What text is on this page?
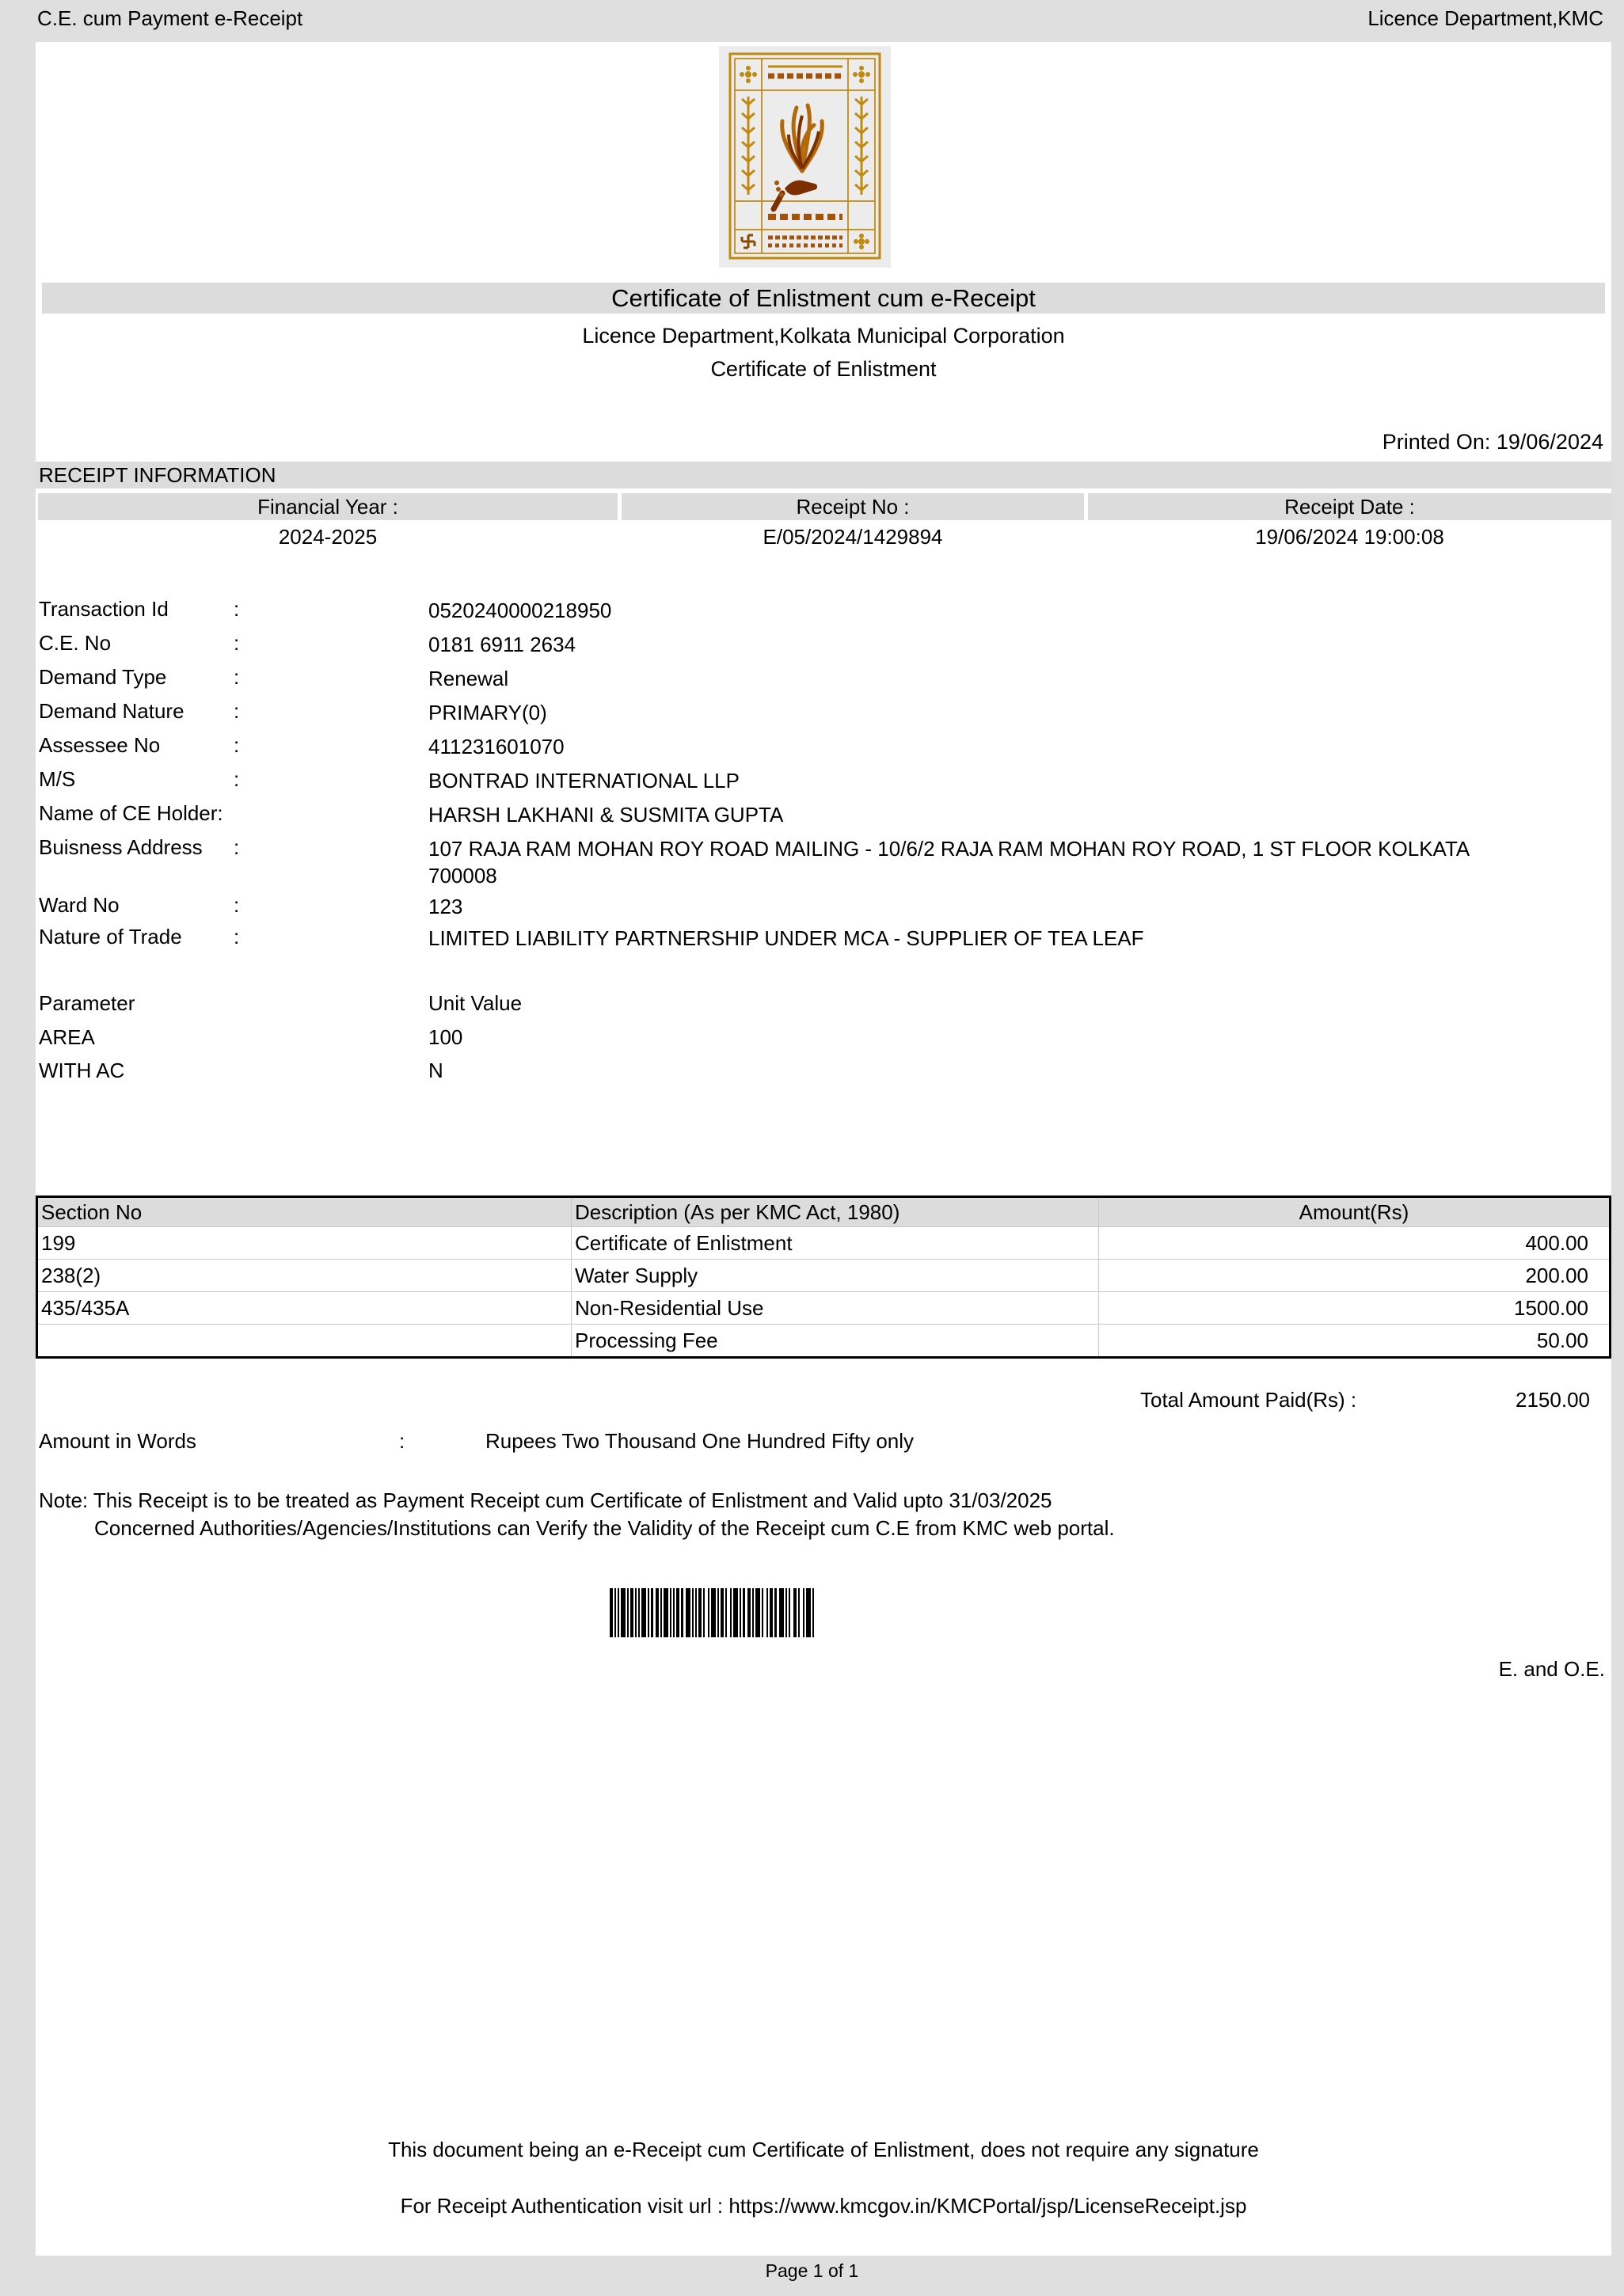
C.E. cum Payment e-Receipt	Licence Department,KMC
Certificate of Enlistment cum e-Receipt
Licence Department,Kolkata Municipal Corporation
Certificate of Enlistment
Printed On: 19/06/2024
RECEIPT INFORMATION
Financial Year :	Receipt No :	Receipt Date :
2024-2025	E/05/2024/1429894	19/06/2024 19:00:08
Transaction Id	:	0520240000218950
C.E. No	:	0181 6911 2634
Demand Type	:	Renewal
Demand Nature :	PRIMARY(0)
Assessee No	:	411231601070
M/S	:	BONTRAD INTERNATIONAL LLP
Name of CE Holder:	HARSH LAKHANI & SUSMITA GUPTA
Buisness Address :	107 RAJA RAM MOHAN ROY ROAD MAILING - 10/6/2 RAJA RAM MOHAN ROY ROAD, 1 ST FLOOR KOLKATA
700008
Ward No	:	123
Nature of Trade	:	LIMITED LIABILITY PARTNERSHIP UNDER MCA - SUPPLIER OF TEA LEAF
Parameter	Unit Value
AREA	100
WITH AC	N
Section No	Description (As per KMC Act, 1980)	Amount(Rs)
199	Certificate of Enlistment	400.00
238(2)	Water Supply	200.00
435/435A	Non-Residential Use	1500.00
	Processing Fee	50.00
Total Amount Paid(Rs) :	2150.00
Amount in Words	:	Rupees Two Thousand One Hundred Fifty only
Note: This Receipt is to be treated as Payment Receipt cum Certificate of Enlistment and Valid upto 31/03/2025
Concerned Authorities/Agencies/Institutions can Verify the Validity of the Receipt cum C.E from KMC web portal.
E. and O.E.
This document being an e-Receipt cum Certificate of Enlistment, does not require any signature
For Receipt Authentication visit url : https://www.kmcgov.in/KMCPortal/jsp/LicenseReceipt.jsp
Page 1 of 1
